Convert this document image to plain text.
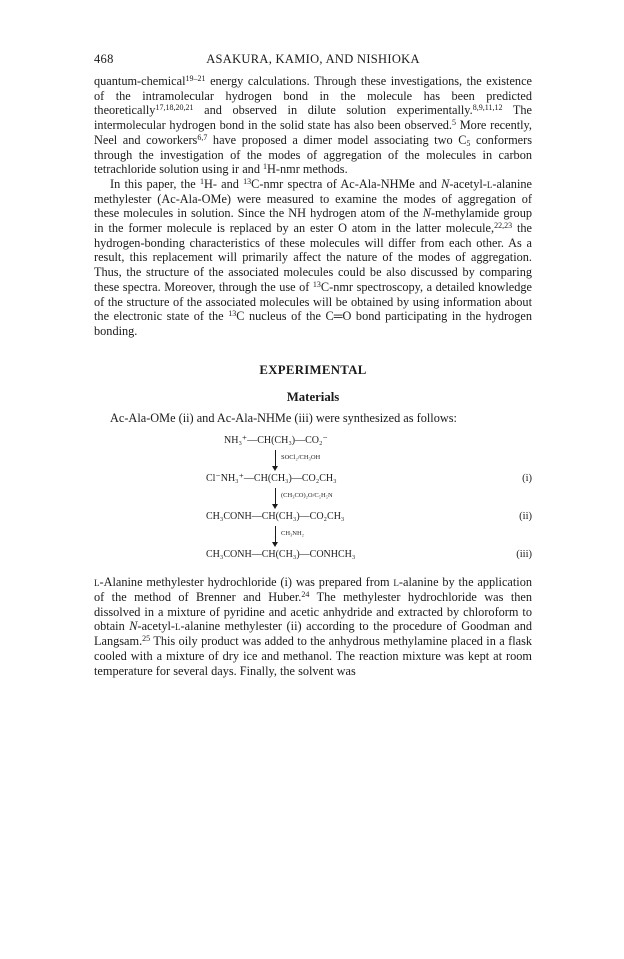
468	ASAKURA, KAMIO, AND NISHIOKA

quantum-chemical$^{19-21}$ energy calculations. Through these investigations, the existence of the intramolecular hydrogen bond in the molecule has been predicted theoretically$^{17,18,20,21}$ and observed in dilute solution experimentally.$^{8,9,11,12}$ The intermolecular hydrogen bond in the solid state has also been observed.$^5$ More recently, Neel and coworkers$^{6,7}$ have proposed a dimer model associating two $C_5$ conformers through the investigation of the modes of aggregation of the molecules in carbon tetrachloride solution using ir and $^1$H-nmr methods.

In this paper, the $^1$H- and $^{13}$C-nmr spectra of Ac-Ala-NHMe and N-acetyl-l-alanine methylester (Ac-Ala-OMe) were measured to examine the modes of aggregation of these molecules in solution. Since the NH hydrogen atom of the N-methylamide group in the former molecule is replaced by an ester O atom in the latter molecule,$^{22,23}$ the hydrogen-bonding characteristics of these molecules will differ from each other. As a result, this replacement will primarily affect the nature of the modes of aggregation. Thus, the structure of the associated molecules could be also discussed by comparing these spectra. Moreover, through the use of $^{13}$C-nmr spectroscopy, a detailed knowledge of the structure of the associated molecules will be obtained by using information about the electronic state of the $^{13}$C nucleus of the C═O bond participating in the hydrogen bonding.

EXPERIMENTAL
Materials

Ac-Ala-OMe (ii) and Ac-Ala-NHMe (iii) were synthesized as follows:

NH₃⁺—CH(CH₃)—CO₂⁻
SOCl₂/CH₃OH
Cl⁻NH₃⁺—CH(CH₃)—CO₂CH₃	(i)
(CH₃CO)₂O/C₅H₅N
CH₃CONH—CH(CH₃)—CO₂CH₃	(ii)
CH₃NH₂
CH₃CONH—CH(CH₃)—CONHCH₃	(iii)

l-Alanine methylester hydrochloride (i) was prepared from l-alanine by the application of the method of Brenner and Huber.$^{24}$ The methylester hydrochloride was then dissolved in a mixture of pyridine and acetic anhydride and extracted by chloroform to obtain N-acetyl-l-alanine methylester (ii) according to the procedure of Goodman and Langsam.$^{25}$ This oily product was added to the anhydrous methylamine placed in a flask cooled with a mixture of dry ice and methanol. The reaction mixture was kept at room temperature for several days. Finally, the solvent was
